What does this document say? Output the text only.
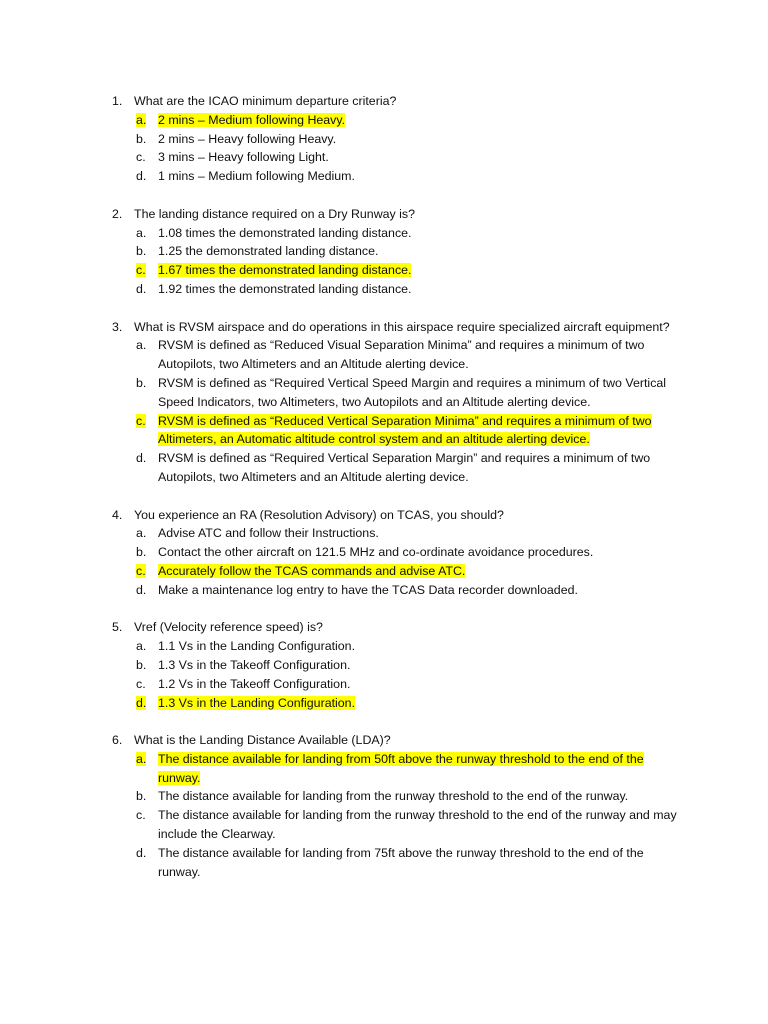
1. What are the ICAO minimum departure criteria?
a. 2 mins – Medium following Heavy.
b. 2 mins – Heavy following Heavy.
c. 3 mins – Heavy following Light.
d. 1 mins – Medium following Medium.
2. The landing distance required on a Dry Runway is?
a. 1.08 times the demonstrated landing distance.
b. 1.25 the demonstrated landing distance.
c. 1.67 times the demonstrated landing distance.
d. 1.92 times the demonstrated landing distance.
3. What is RVSM airspace and do operations in this airspace require specialized aircraft equipment?
a. RVSM is defined as “Reduced Visual Separation Minima” and requires a minimum of two Autopilots, two Altimeters and an Altitude alerting device.
b. RVSM is defined as “Required Vertical Speed Margin and requires a minimum of two Vertical Speed Indicators, two Altimeters, two Autopilots and an Altitude alerting device.
c. RVSM is defined as “Reduced Vertical Separation Minima” and requires a minimum of two Altimeters, an Automatic altitude control system and an altitude alerting device.
d. RVSM is defined as “Required Vertical Separation Margin” and requires a minimum of two Autopilots, two Altimeters and an Altitude alerting device.
4. You experience an RA (Resolution Advisory) on TCAS, you should?
a. Advise ATC and follow their Instructions.
b. Contact the other aircraft on 121.5 MHz and co-ordinate avoidance procedures.
c. Accurately follow the TCAS commands and advise ATC.
d. Make a maintenance log entry to have the TCAS Data recorder downloaded.
5. Vref (Velocity reference speed) is?
a. 1.1 Vs in the Landing Configuration.
b. 1.3 Vs in the Takeoff Configuration.
c. 1.2 Vs in the Takeoff Configuration.
d. 1.3 Vs in the Landing Configuration.
6. What is the Landing Distance Available (LDA)?
a. The distance available for landing from 50ft above the runway threshold to the end of the runway.
b. The distance available for landing from the runway threshold to the end of the runway.
c. The distance available for landing from the runway threshold to the end of the runway and may include the Clearway.
d. The distance available for landing from 75ft above the runway threshold to the end of the runway.
